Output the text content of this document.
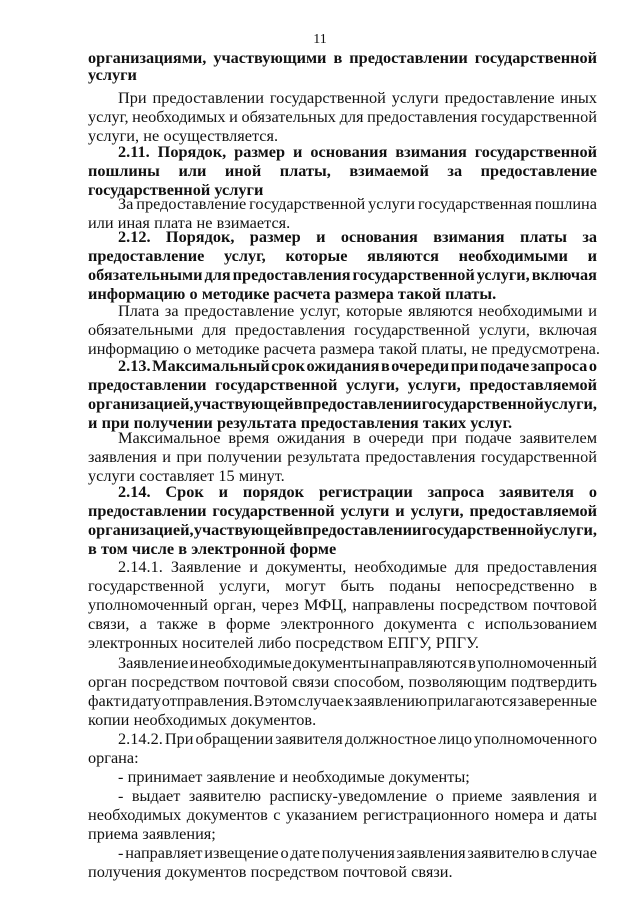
11
организациями, участвующими в предоставлении государственной
услуги
При предоставлении государственной услуги предоставление иных
услуг, необходимых и обязательных для предоставления государственной
услуги, не осуществляется.
2.11. Порядок, размер и основания взимания государственной
пошлины или иной платы, взимаемой за предоставление
государственной услуги
За предоставление государственной услуги государственная пошлина
или иная плата не взимается.
2.12. Порядок, размер и основания взимания платы за
предоставление услуг, которые являются необходимыми и
обязательными для предоставления государственной услуги, включая
информацию о методике расчета размера такой платы.
Плата за предоставление услуг, которые являются необходимыми и
обязательными для предоставления государственной услуги, включая
информацию о методике расчета размера такой платы, не предусмотрена.
2.13. Максимальный срок ожидания в очереди при подаче запроса о
предоставлении государственной услуги, услуги, предоставляемой
организацией, участвующей в предоставлении государственной услуги,
и при получении результата предоставления таких услуг.
Максимальное время ожидания в очереди при подаче заявителем
заявления и при получении результата предоставления государственной
услуги составляет 15 минут.
2.14. Срок и порядок регистрации запроса заявителя о
предоставлении государственной услуги и услуги, предоставляемой
организацией, участвующей в предоставлении государственной услуги,
в том числе в электронной форме
2.14.1. Заявление и документы, необходимые для предоставления
государственной услуги, могут быть поданы непосредственно в
уполномоченный орган, через МФЦ, направлены посредством почтовой
связи, а также в форме электронного документа с использованием
электронных носителей либо посредством ЕПГУ, РПГУ.
Заявление и необходимые документы направляются в уполномоченный
орган посредством почтовой связи способом, позволяющим подтвердить
факт и дату отправления. В этом случае к заявлению прилагаются заверенные
копии необходимых документов.
2.14.2. При обращении заявителя должностное лицо уполномоченного
органа:
- принимает заявление и необходимые документы;
- выдает заявителю расписку-уведомление о приеме заявления и
необходимых документов с указанием регистрационного номера и даты
приема заявления;
- направляет извещение о дате получения заявления заявителю в случае
получения документов посредством почтовой связи.
